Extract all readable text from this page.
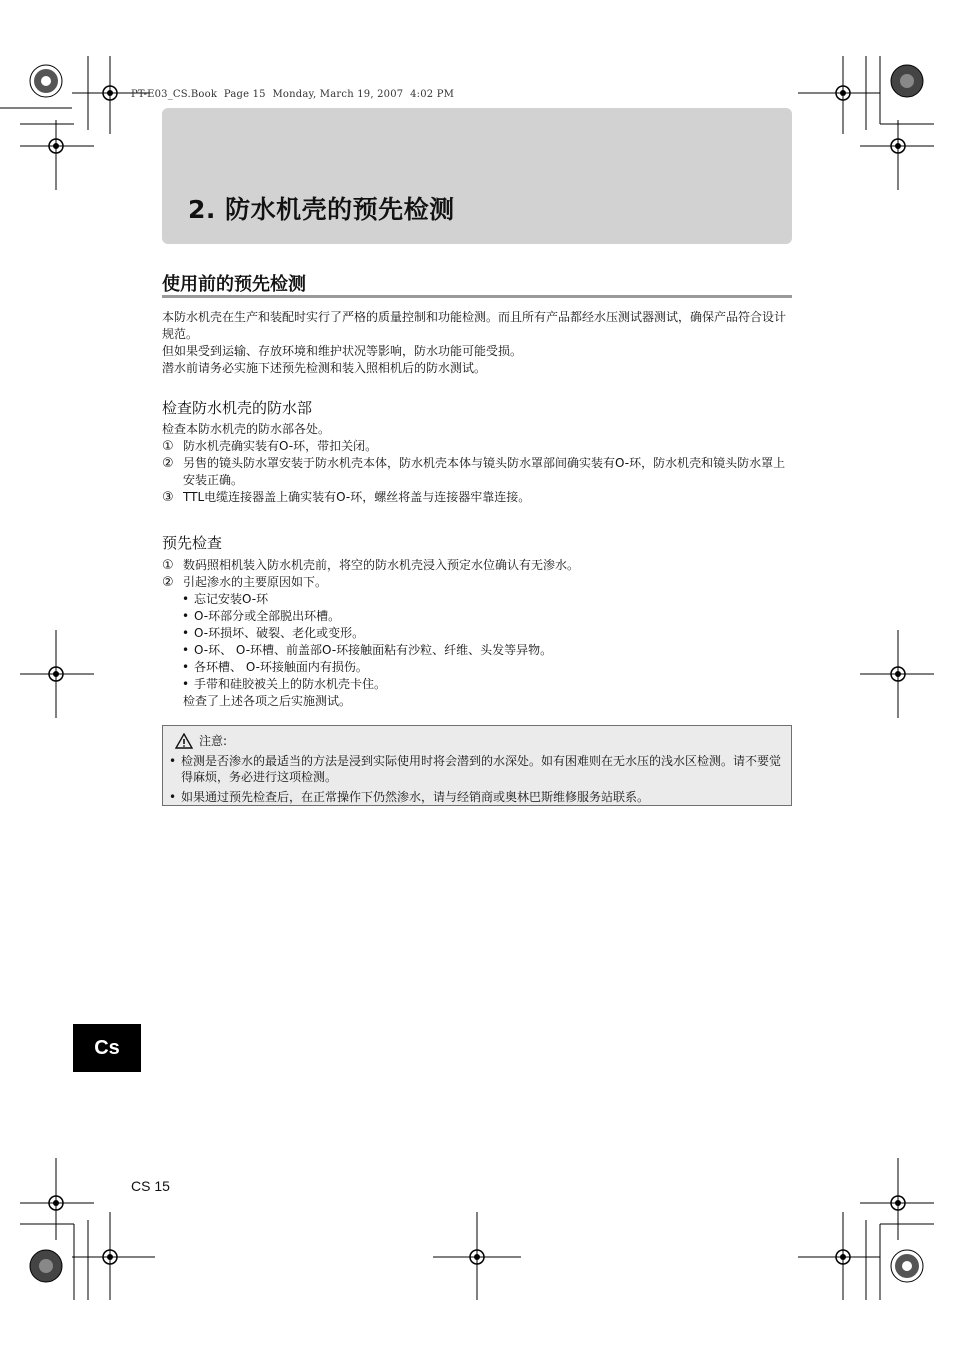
PT-E03_CS.Book  Page 15  Monday, March 19, 2007  4:02 PM
2. 防水机壳的预先检测
使用前的预先检测

本防水机壳在生产和装配时实行了严格的质量控制和功能检测。而且所有产品都经水压测试器测试，确保产品符合设计规范。

但如果受到运输、存放环境和维护状况等影响，防水功能可能受损。

潜水前请务必实施下述预先检测和装入照相机后的防水测试。

检查防水机壳的防水部

检查本防水机壳的防水部各处。

① 防水机壳确实装有O-环，带扣关闭。
② 另售的镜头防水罩安装于防水机壳本体，防水机壳本体与镜头防水罩部间确实装有O-环，防水机壳和镜头防水罩上安装正确。
③ TTL电缆连接器盖上确实装有O-环，螺丝将盖与连接器牢靠连接。
预先检查
① 数码照相机装入防水机壳前，将空的防水机壳浸入预定水位确认有无渗水。
② 引起渗水的主要原因如下。
• 忘记安装O-环
• O-环部分或全部脱出环槽。
• O-环损坏、破裂、老化或变形。
• O-环、 O-环槽、前盖部O-环接触面粘有沙粒、纤维、头发等异物。
• 各环槽、 O-环接触面内有损伤。
• 手带和硅胶被关上的防水机壳卡住。

检查了上述各项之后实施测试。

注意:
• 检测是否渗水的最适当的方法是浸到实际使用时将会潜到的水深处。如有困难则在无水压的浅水区检测。请不要觉得麻烦，务必进行这项检测。
• 如果通过预先检查后，在正常操作下仍然渗水，请与经销商或奥林巴斯维修服务站联系。
Cs
CS 15
